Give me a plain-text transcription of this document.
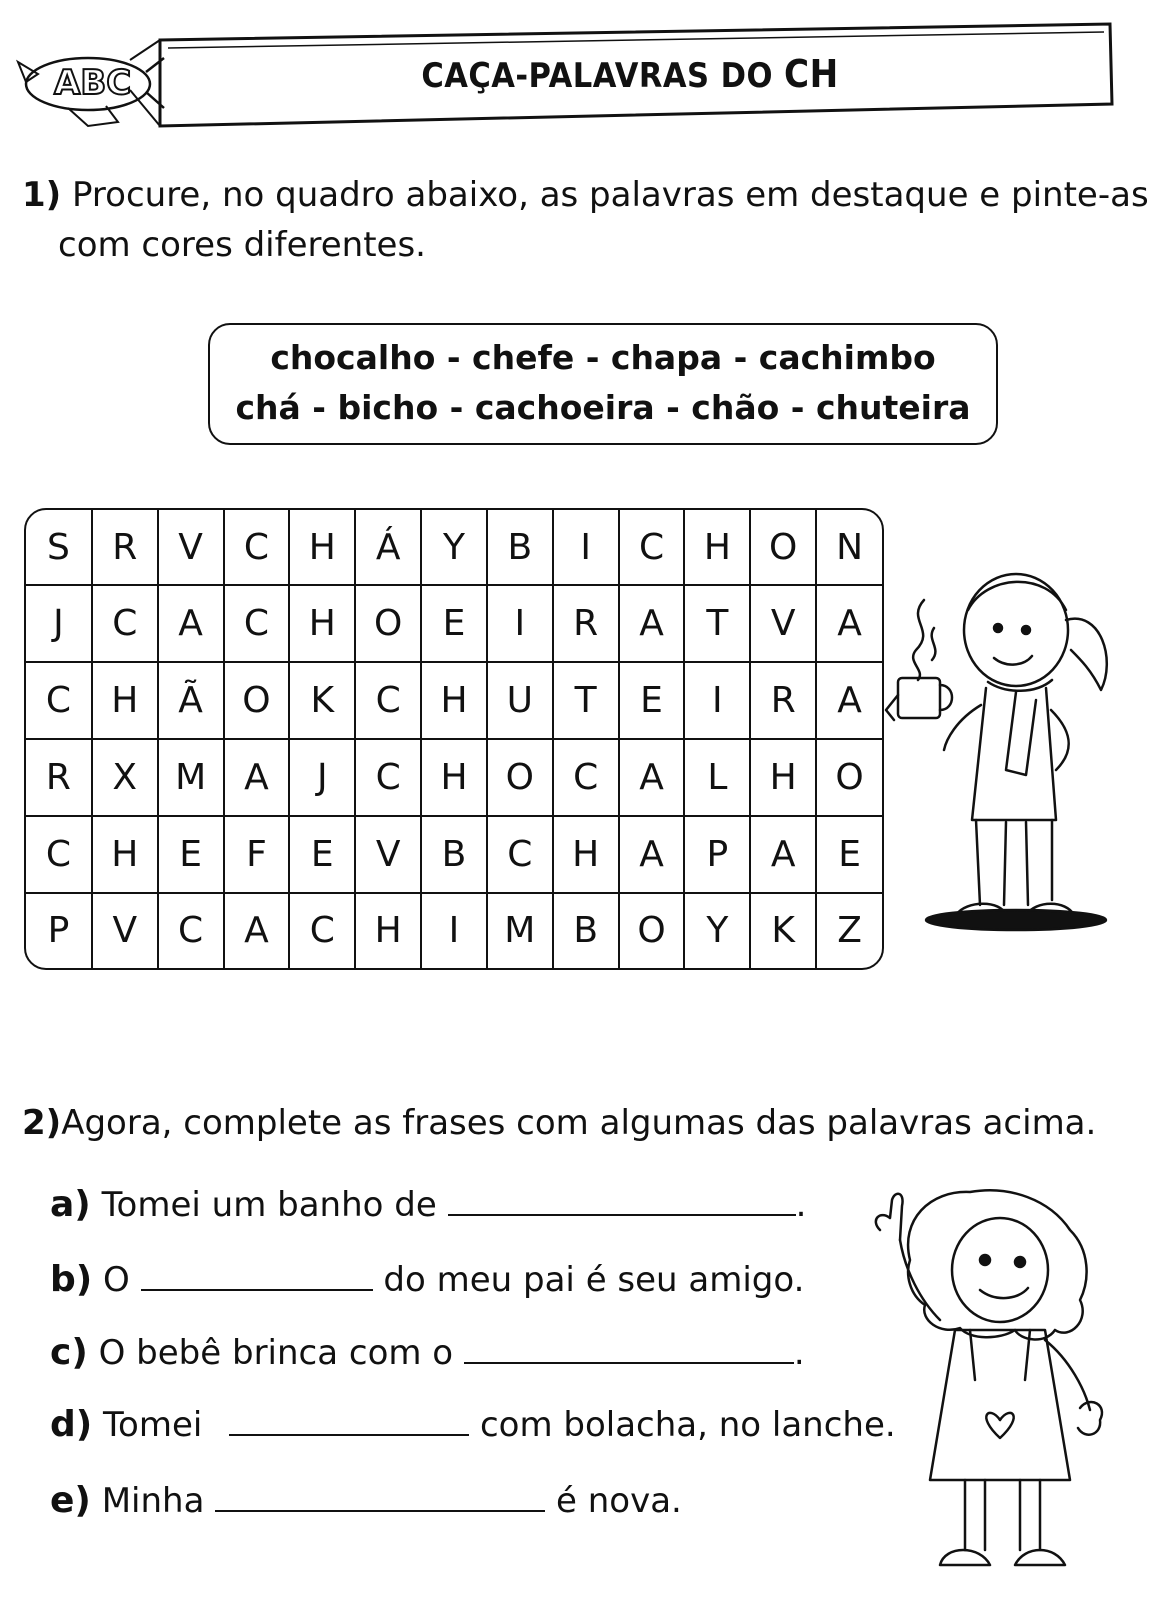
ABC	CAÇA-PALAVRAS DO CH
1) Procure, no quadro abaixo, as palavras em destaque e pinte-as
com cores diferentes.
chocalho - chefe - chapa - cachimbo
chá - bicho - cachoeira - chão - chuteira
S	R	V	C	H	Á	Y	B	I	C	H	O	N
J	C	A	C	H	O	E	I	R	A	T	V	A
C	H	Ã	O	K	C	H	U	T	E	I	R	A
R	X	M	A	J	C	H	O	C	A	L	H	O
C	H	E	F	E	V	B	C	H	A	P	A	E
P	V	C	A	C	H	I	M	B	O	Y	K	Z
2)Agora, complete as frases com algumas das palavras acima.
a) Tomei um banho de	.
b) O	do meu pai é seu amigo.
c) O bebê brinca com o	.
d) Tomei	com bolacha, no lanche.
e) Minha	é nova.
